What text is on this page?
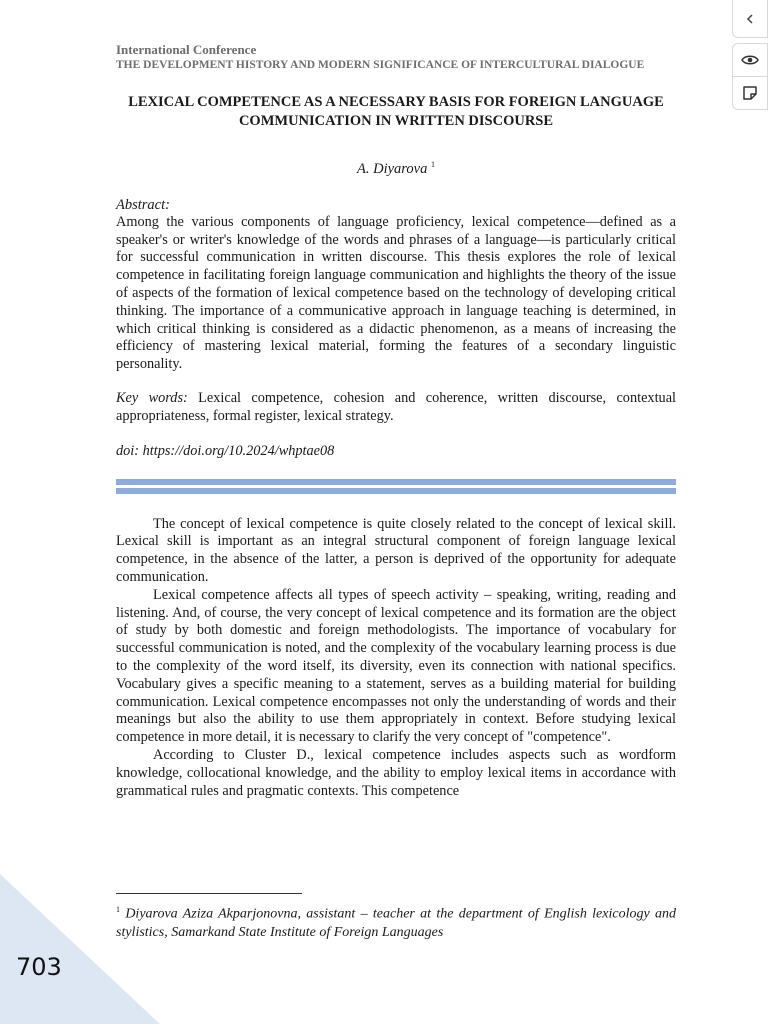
International Conference
THE DEVELOPMENT HISTORY AND MODERN SIGNIFICANCE OF INTERCULTURAL DIALOGUE
LEXICAL COMPETENCE AS A NECESSARY BASIS FOR FOREIGN LANGUAGE COMMUNICATION IN WRITTEN DISCOURSE
A. Diyarova $^1$
Abstract:
Among the various components of language proficiency, lexical competence—defined as a speaker's or writer's knowledge of the words and phrases of a language—is particularly critical for successful communication in written discourse. This thesis explores the role of lexical competence in facilitating foreign language communication and highlights the theory of the issue of aspects of the formation of lexical competence based on the technology of developing critical thinking. The importance of a communicative approach in language teaching is determined, in which critical thinking is considered as a didactic phenomenon, as a means of increasing the efficiency of mastering lexical material, forming the features of a secondary linguistic personality.
Key words: Lexical competence, cohesion and coherence, written discourse, contextual appropriateness, formal register, lexical strategy.
doi: https://doi.org/10.2024/whptae08

The concept of lexical competence is quite closely related to the concept of lexical skill. Lexical skill is important as an integral structural component of foreign language lexical competence, in the absence of the latter, a person is deprived of the opportunity for adequate communication.

Lexical competence affects all types of speech activity – speaking, writing, reading and listening. And, of course, the very concept of lexical competence and its formation are the object of study by both domestic and foreign methodologists. The importance of vocabulary for successful communication is noted, and the complexity of the vocabulary learning process is due to the complexity of the word itself, its diversity, even its connection with national specifics. Vocabulary gives a specific meaning to a statement, serves as a building material for building communication. Lexical competence encompasses not only the understanding of words and their meanings but also the ability to use them appropriately in context. Before studying lexical competence in more detail, it is necessary to clarify the very concept of "competence".

According to Cluster D., lexical competence includes aspects such as wordform knowledge, collocational knowledge, and the ability to employ lexical items in accordance with grammatical rules and pragmatic contexts. This competence

$^1$ Diyarova Aziza Akparjonovna, assistant – teacher at the department of English lexicology and stylistics, Samarkand State Institute of Foreign Languages
703
